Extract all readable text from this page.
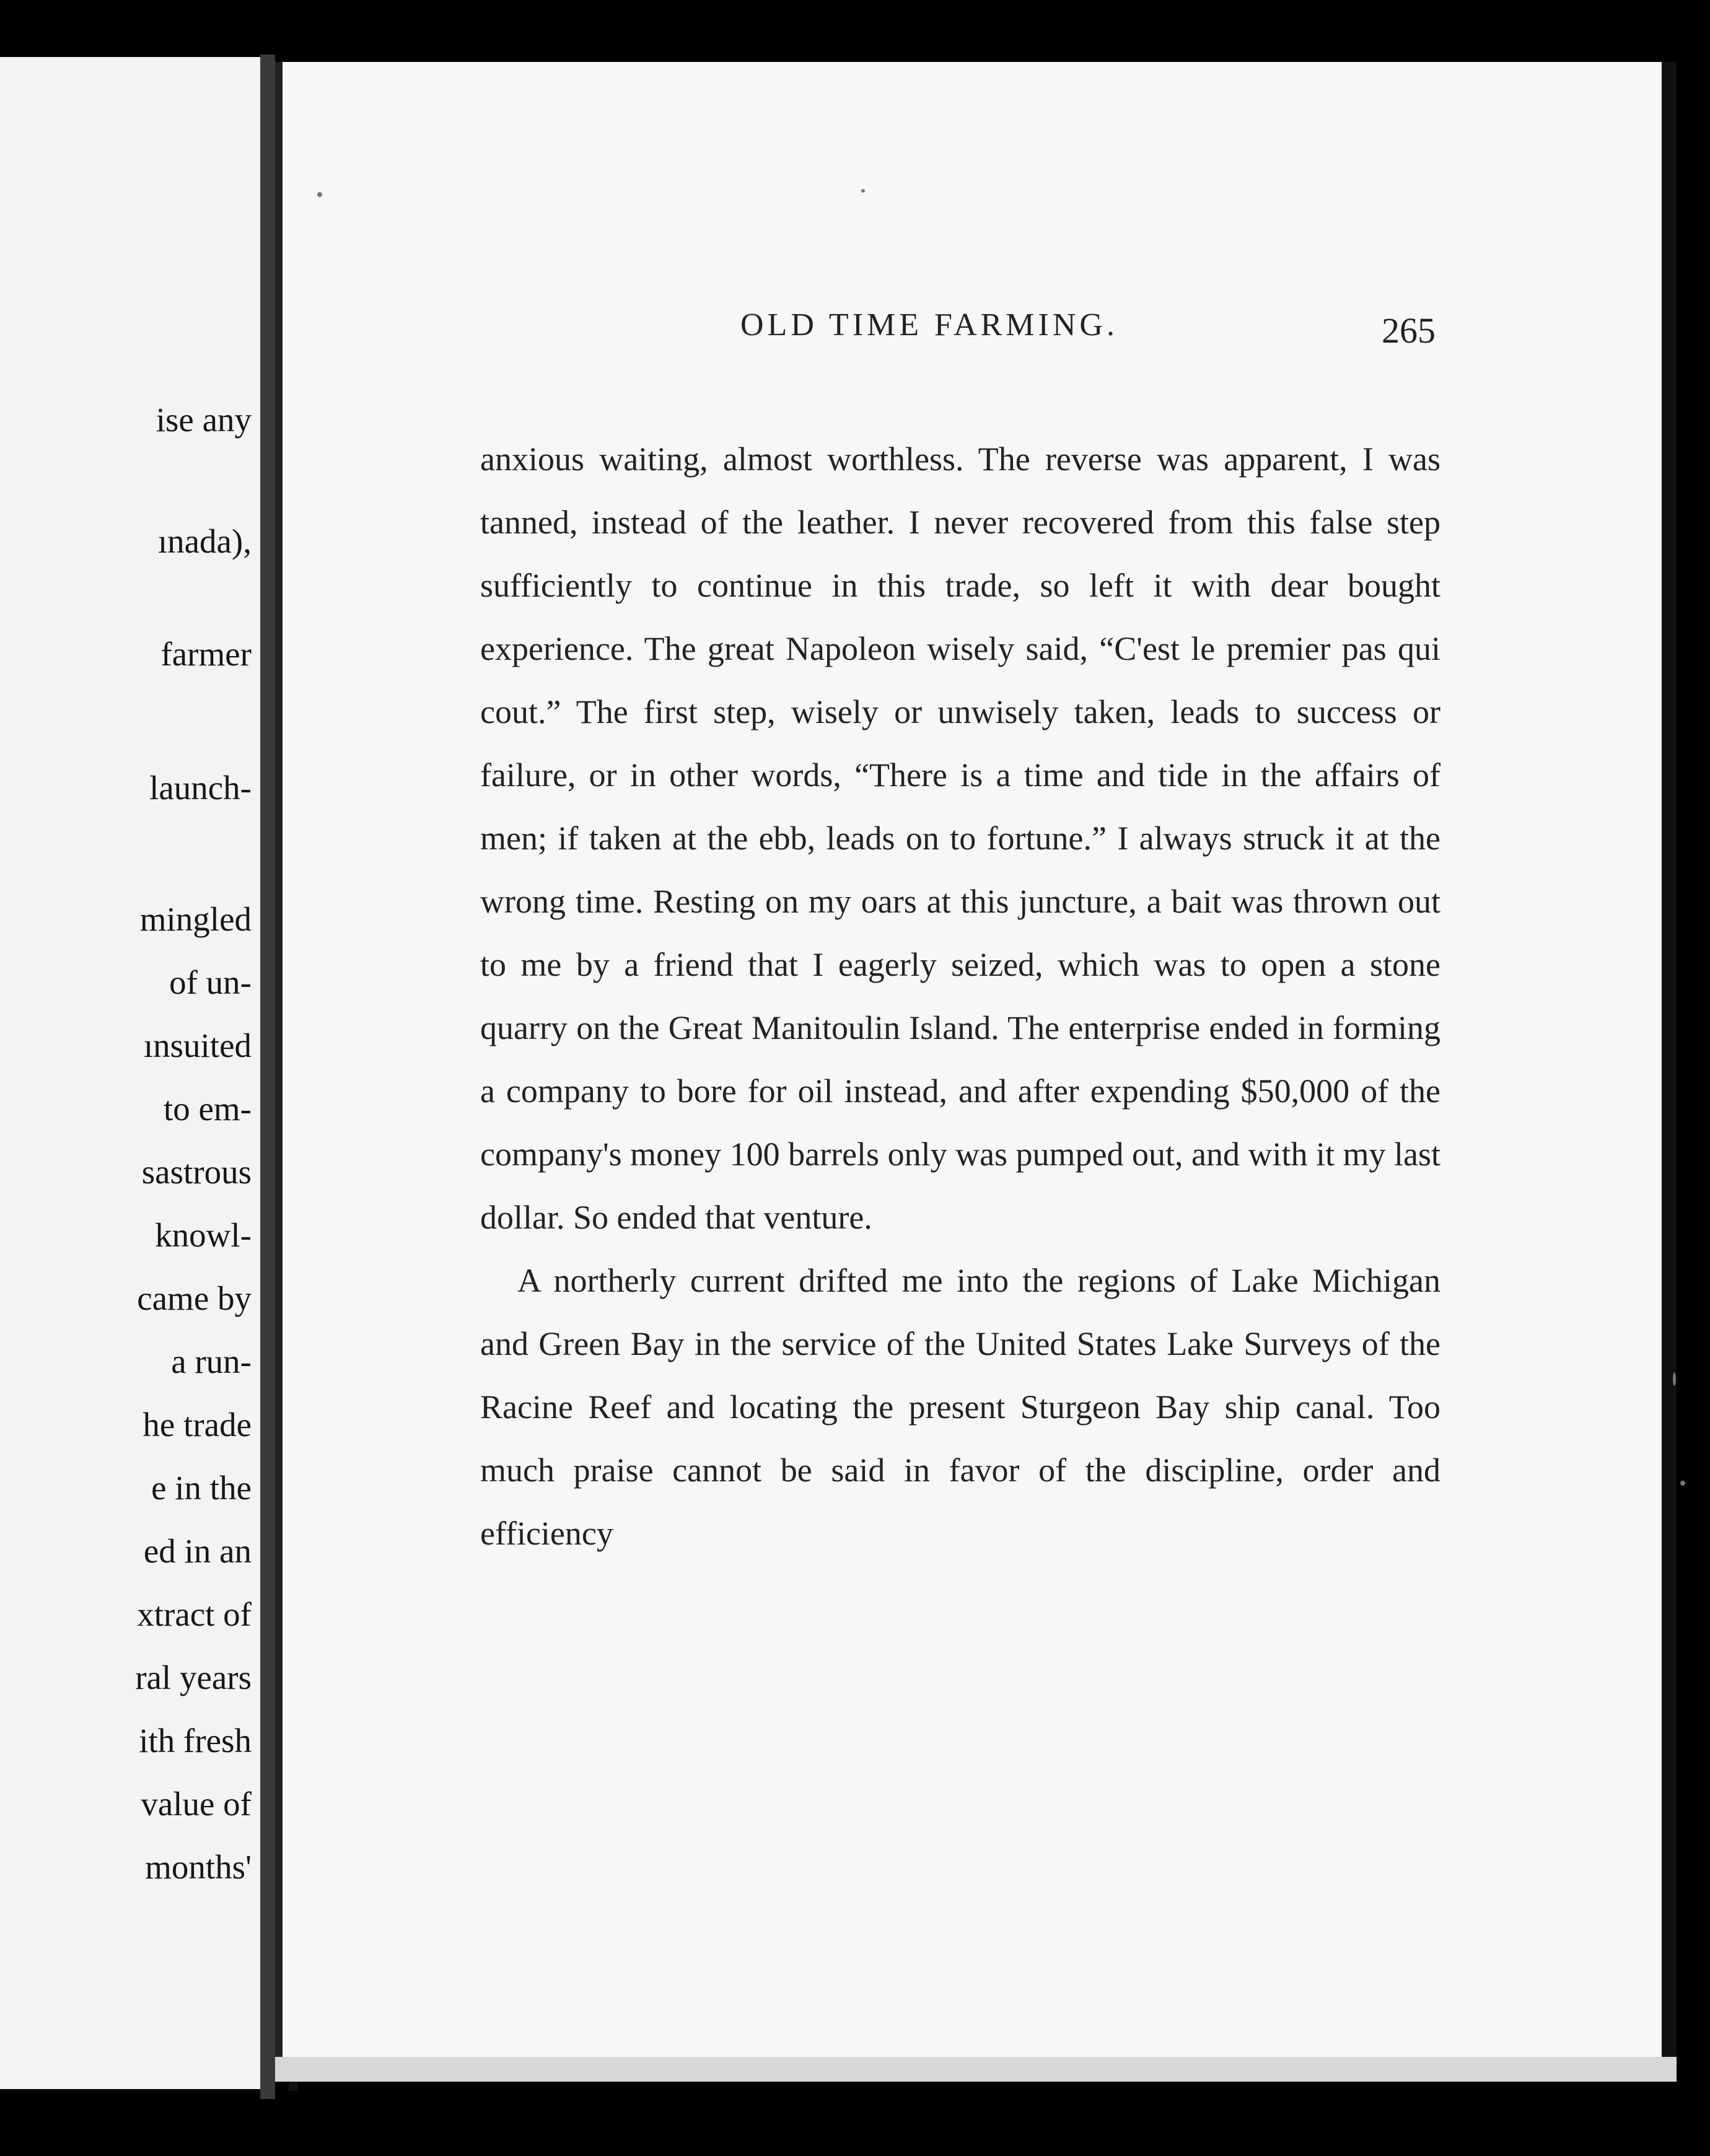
ise any
ınada),
farmer
launch-
mingled
of un-
ınsuited
to em-
sastrous
knowl-
came by
a run-
he trade
e in the
ed in an
xtract of
ral years
ith fresh
value of
months'
OLD TIME FARMING.	265

anxious waiting, almost worthless. The reverse was apparent, I was tanned, instead of the leather. I never recovered from this false step sufficiently to continue in this trade, so left it with dear bought experience. The great Napoleon wisely said, “C'est le premier pas qui cout.” The first step, wisely or unwisely taken, leads to success or failure, or in other words, “There is a time and tide in the affairs of men; if taken at the ebb, leads on to fortune.” I always struck it at the wrong time. Resting on my oars at this juncture, a bait was thrown out to me by a friend that I eagerly seized, which was to open a stone quarry on the Great Manitoulin Island. The enterprise ended in forming a company to bore for oil instead, and after expending $50,000 of the company's money 100 barrels only was pumped out, and with it my last dollar. So ended that venture.

A northerly current drifted me into the regions of Lake Michigan and Green Bay in the service of the United States Lake Surveys of the Racine Reef and locating the present Sturgeon Bay ship canal. Too much praise cannot be said in favor of the discipline, order and efficiency
